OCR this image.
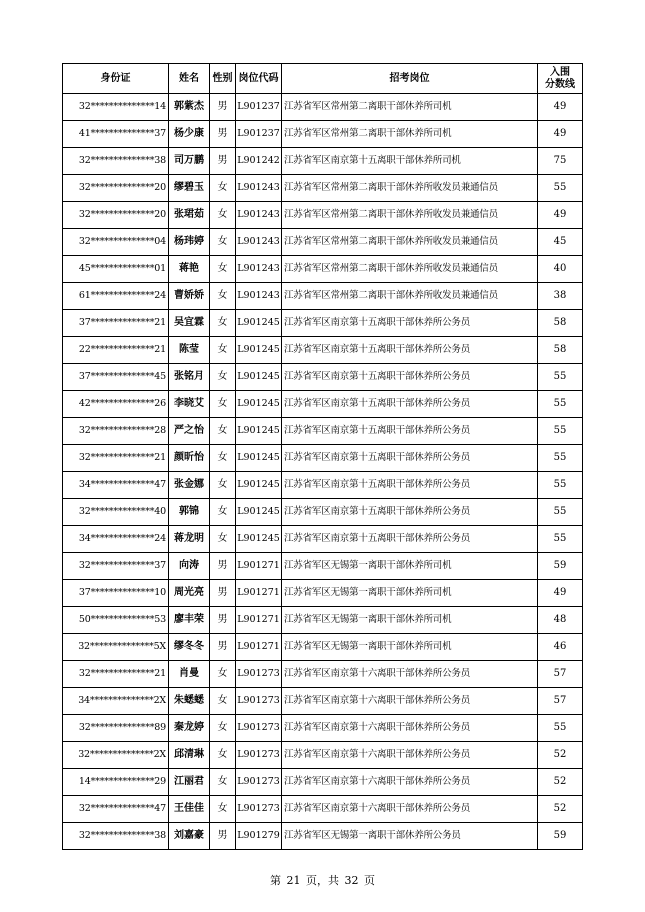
身份证	姓名	性别	岗位代码	招考岗位	入围
分数线

32**************14	郭紫杰	男	L901237	江苏省军区常州第二离职干部休养所司机	49
41**************37	杨少康	男	L901237	江苏省军区常州第二离职干部休养所司机	49
32**************38	司万鹏	男	L901242	江苏省军区南京第十五离职干部休养所司机	75
32**************20	缪碧玉	女	L901243	江苏省军区常州第二离职干部休养所收发员兼通信员	55
32**************20	张珺茹	女	L901243	江苏省军区常州第二离职干部休养所收发员兼通信员	49
32**************04	杨玮婷	女	L901243	江苏省军区常州第二离职干部休养所收发员兼通信员	45
45**************01	蒋艳	女	L901243	江苏省军区常州第二离职干部休养所收发员兼通信员	40
61**************24	曹娇娇	女	L901243	江苏省军区常州第二离职干部休养所收发员兼通信员	38
37**************21	吴宜霖	女	L901245	江苏省军区南京第十五离职干部休养所公务员	58
22**************21	陈莹	女	L901245	江苏省军区南京第十五离职干部休养所公务员	58
37**************45	张铭月	女	L901245	江苏省军区南京第十五离职干部休养所公务员	55
42**************26	李晓艾	女	L901245	江苏省军区南京第十五离职干部休养所公务员	55
32**************28	严之怡	女	L901245	江苏省军区南京第十五离职干部休养所公务员	55
32**************21	颜昕怡	女	L901245	江苏省军区南京第十五离职干部休养所公务员	55
34**************47	张金娜	女	L901245	江苏省军区南京第十五离职干部休养所公务员	55
32**************40	郭锦	女	L901245	江苏省军区南京第十五离职干部休养所公务员	55
34**************24	蒋龙明	女	L901245	江苏省军区南京第十五离职干部休养所公务员	55
32**************37	向涛	男	L901271	江苏省军区无锡第一离职干部休养所司机	59
37**************10	周光亮	男	L901271	江苏省军区无锡第一离职干部休养所司机	49
50**************53	廖丰荣	男	L901271	江苏省军区无锡第一离职干部休养所司机	48
32**************5X	缪冬冬	男	L901271	江苏省军区无锡第一离职干部休养所司机	46
32**************21	肖曼	女	L901273	江苏省军区南京第十六离职干部休养所公务员	57
34**************2X	朱蟋蟋	女	L901273	江苏省军区南京第十六离职干部休养所公务员	57
32**************89	秦龙婷	女	L901273	江苏省军区南京第十六离职干部休养所公务员	55
32**************2X	邱清琳	女	L901273	江苏省军区南京第十六离职干部休养所公务员	52
14**************29	江丽君	女	L901273	江苏省军区南京第十六离职干部休养所公务员	52
32**************47	王佳佳	女	L901273	江苏省军区南京第十六离职干部休养所公务员	52
32**************38	刘嘉豪	男	L901279	江苏省军区无锡第一离职干部休养所公务员	59
第 21 页，共 32 页
